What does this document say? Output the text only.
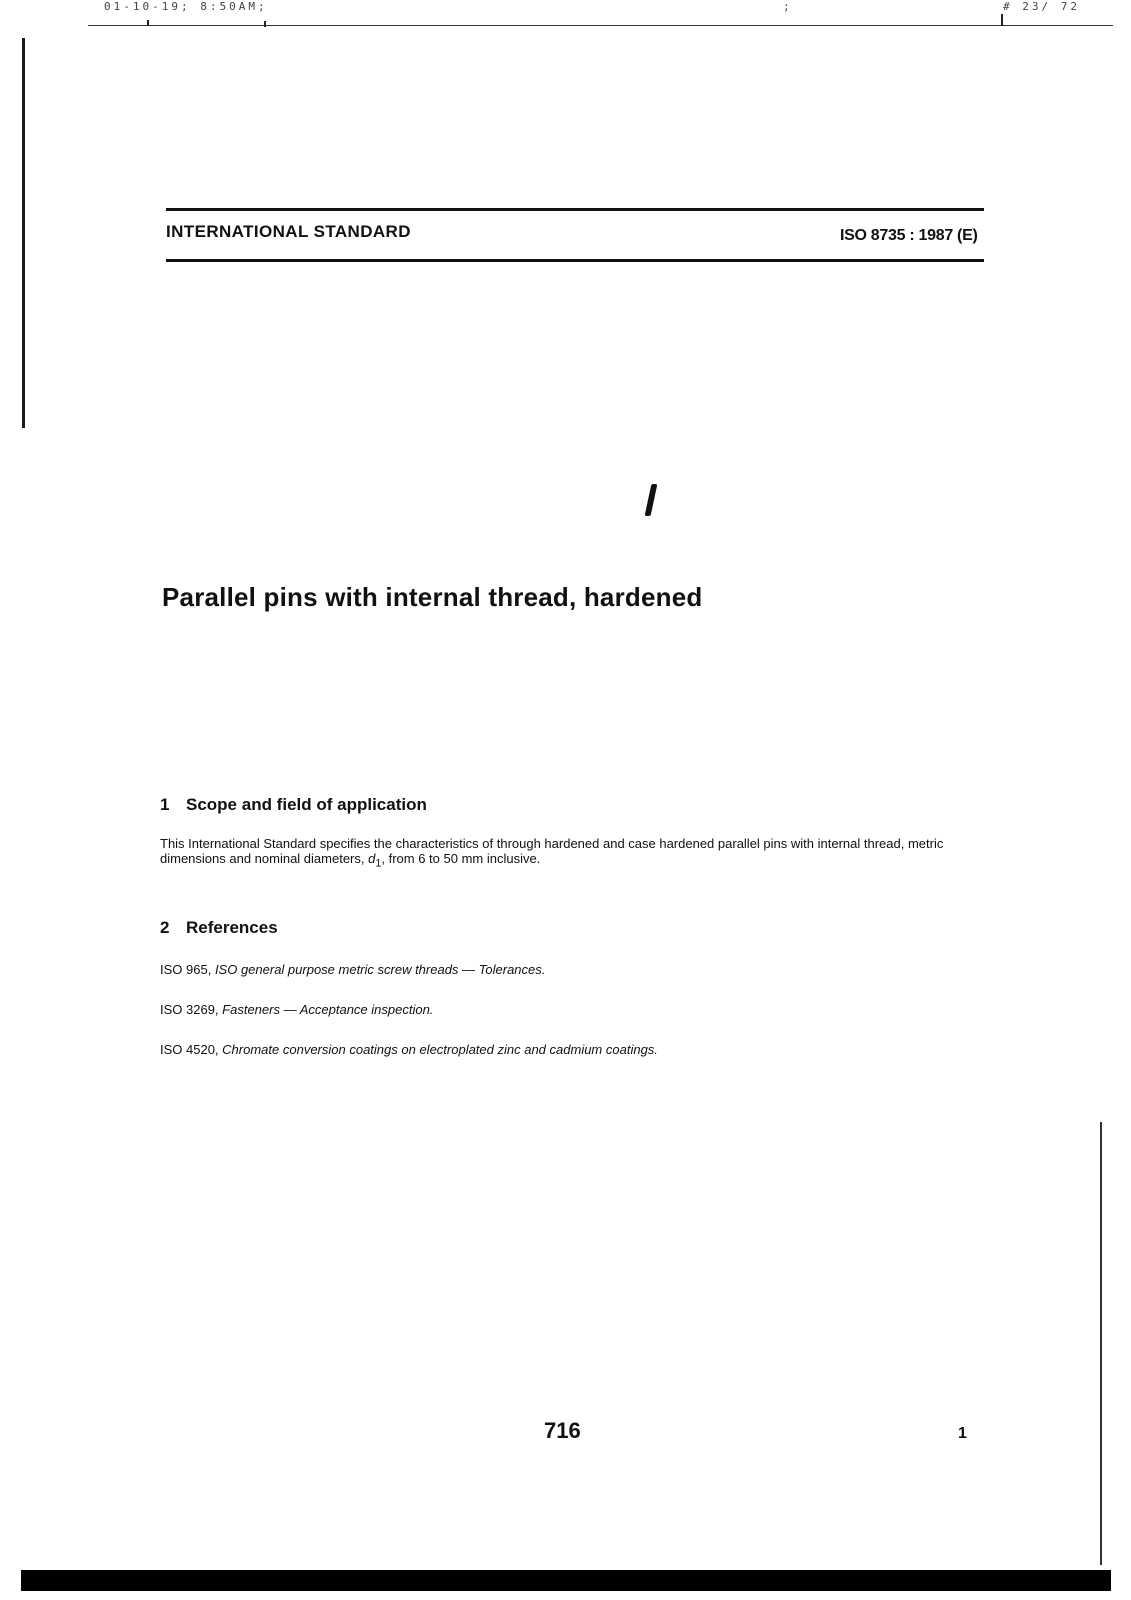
01-10-19; 8:50AM;	;	# 23/ 72
INTERNATIONAL STANDARD	ISO 8735 : 1987 (E)
Parallel pins with internal thread, hardened
1 Scope and field of application
This International Standard specifies the characteristics of through hardened and case hardened parallel pins with internal thread, metric dimensions and nominal diameters, $d_1$, from 6 to 50 mm inclusive.
2 References
ISO 965, ISO general purpose metric screw threads — Tolerances.
ISO 3269, Fasteners — Acceptance inspection.
ISO 4520, Chromate conversion coatings on electroplated zinc and cadmium coatings.
716	1
